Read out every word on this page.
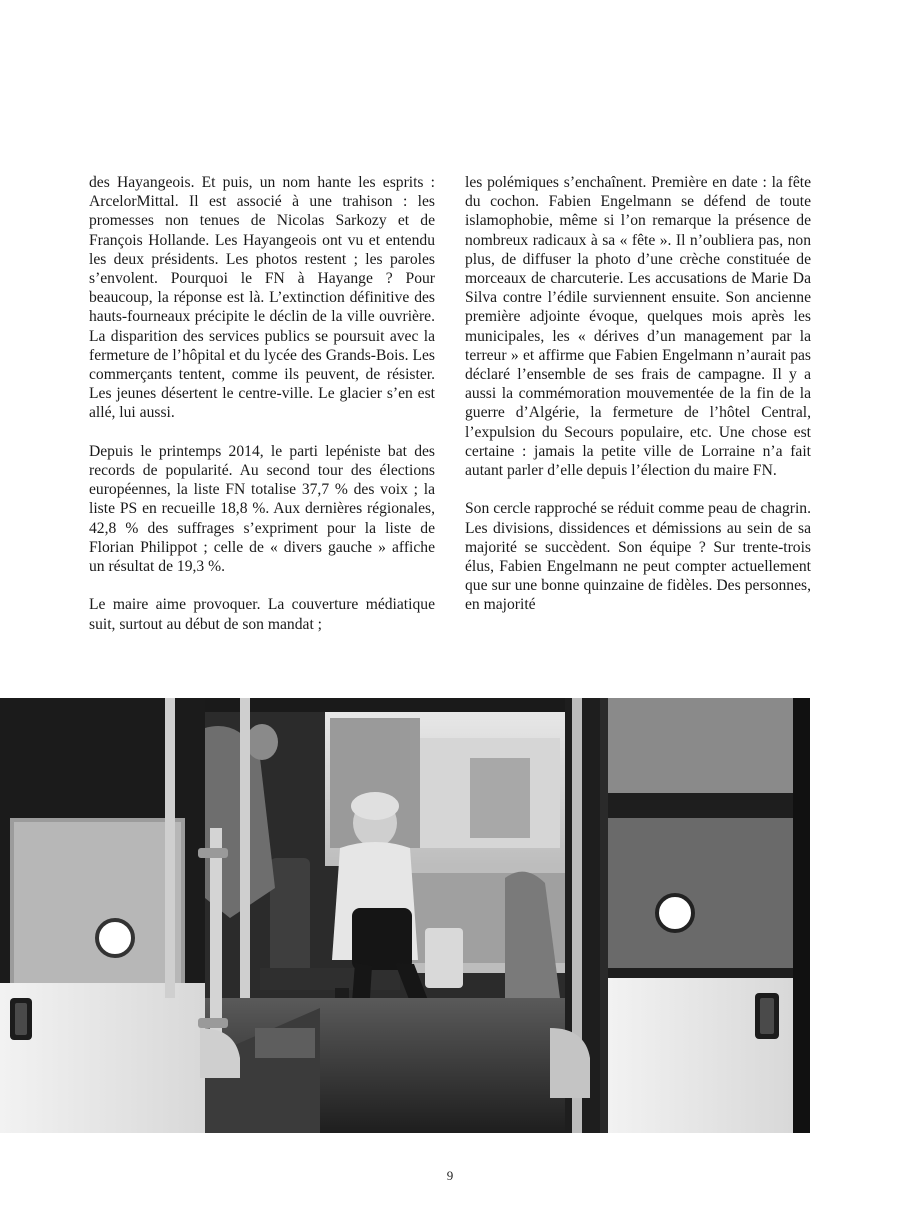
des Hayangeois. Et puis, un nom hante les esprits : ArcelorMittal. Il est associé à une trahison : les promesses non tenues de Nicolas Sarkozy et de François Hollande. Les Hayangeois ont vu et entendu les deux présidents. Les photos restent ; les paroles s’envolent. Pourquoi le FN à Hayange ? Pour beaucoup, la réponse est là. L’extinction définitive des hauts-fourneaux précipite le déclin de la ville ouvrière. La disparition des services publics se poursuit avec la fermeture de l’hôpital et du lycée des Grands-Bois. Les commerçants tentent, comme ils peuvent, de résister. Les jeunes désertent le centre-ville. Le glacier s’en est allé, lui aussi.

Depuis le printemps 2014, le parti lepéniste bat des records de popularité. Au second tour des élections européennes, la liste FN totalise 37,7 % des voix ; la liste PS en recueille 18,8 %. Aux dernières régionales, 42,8 % des suffrages s’expriment pour la liste de Florian Philippot ; celle de « divers gauche » affiche un résultat de 19,3 %.

Le maire aime provoquer. La couverture médiatique suit, surtout au début de son mandat ;

les polémiques s’enchaînent. Première en date : la fête du cochon. Fabien Engelmann se défend de toute islamophobie, même si l’on remarque la présence de nombreux radicaux à sa « fête ». Il n’oubliera pas, non plus, de diffuser la photo d’une crèche constituée de morceaux de charcuterie. Les accusations de Marie Da Silva contre l’édile surviennent ensuite. Son ancienne première adjointe évoque, quelques mois après les municipales, les « dérives d’un management par la terreur » et affirme que Fabien Engelmann n’aurait pas déclaré l’ensemble de ses frais de campagne. Il y a aussi la commémoration mouvementée de la fin de la guerre d’Algérie, la fermeture de l’hôtel Central, l’expulsion du Secours populaire, etc. Une chose est certaine : jamais la petite ville de Lorraine n’a fait autant parler d’elle depuis l’élection du maire FN.

Son cercle rapproché se réduit comme peau de chagrin. Les divisions, dissidences et démissions au sein de sa majorité se succèdent. Son équipe ? Sur trente-trois élus, Fabien Engelmann ne peut compter actuellement que sur une bonne quinzaine de fidèles. Des personnes, en majorité

9
